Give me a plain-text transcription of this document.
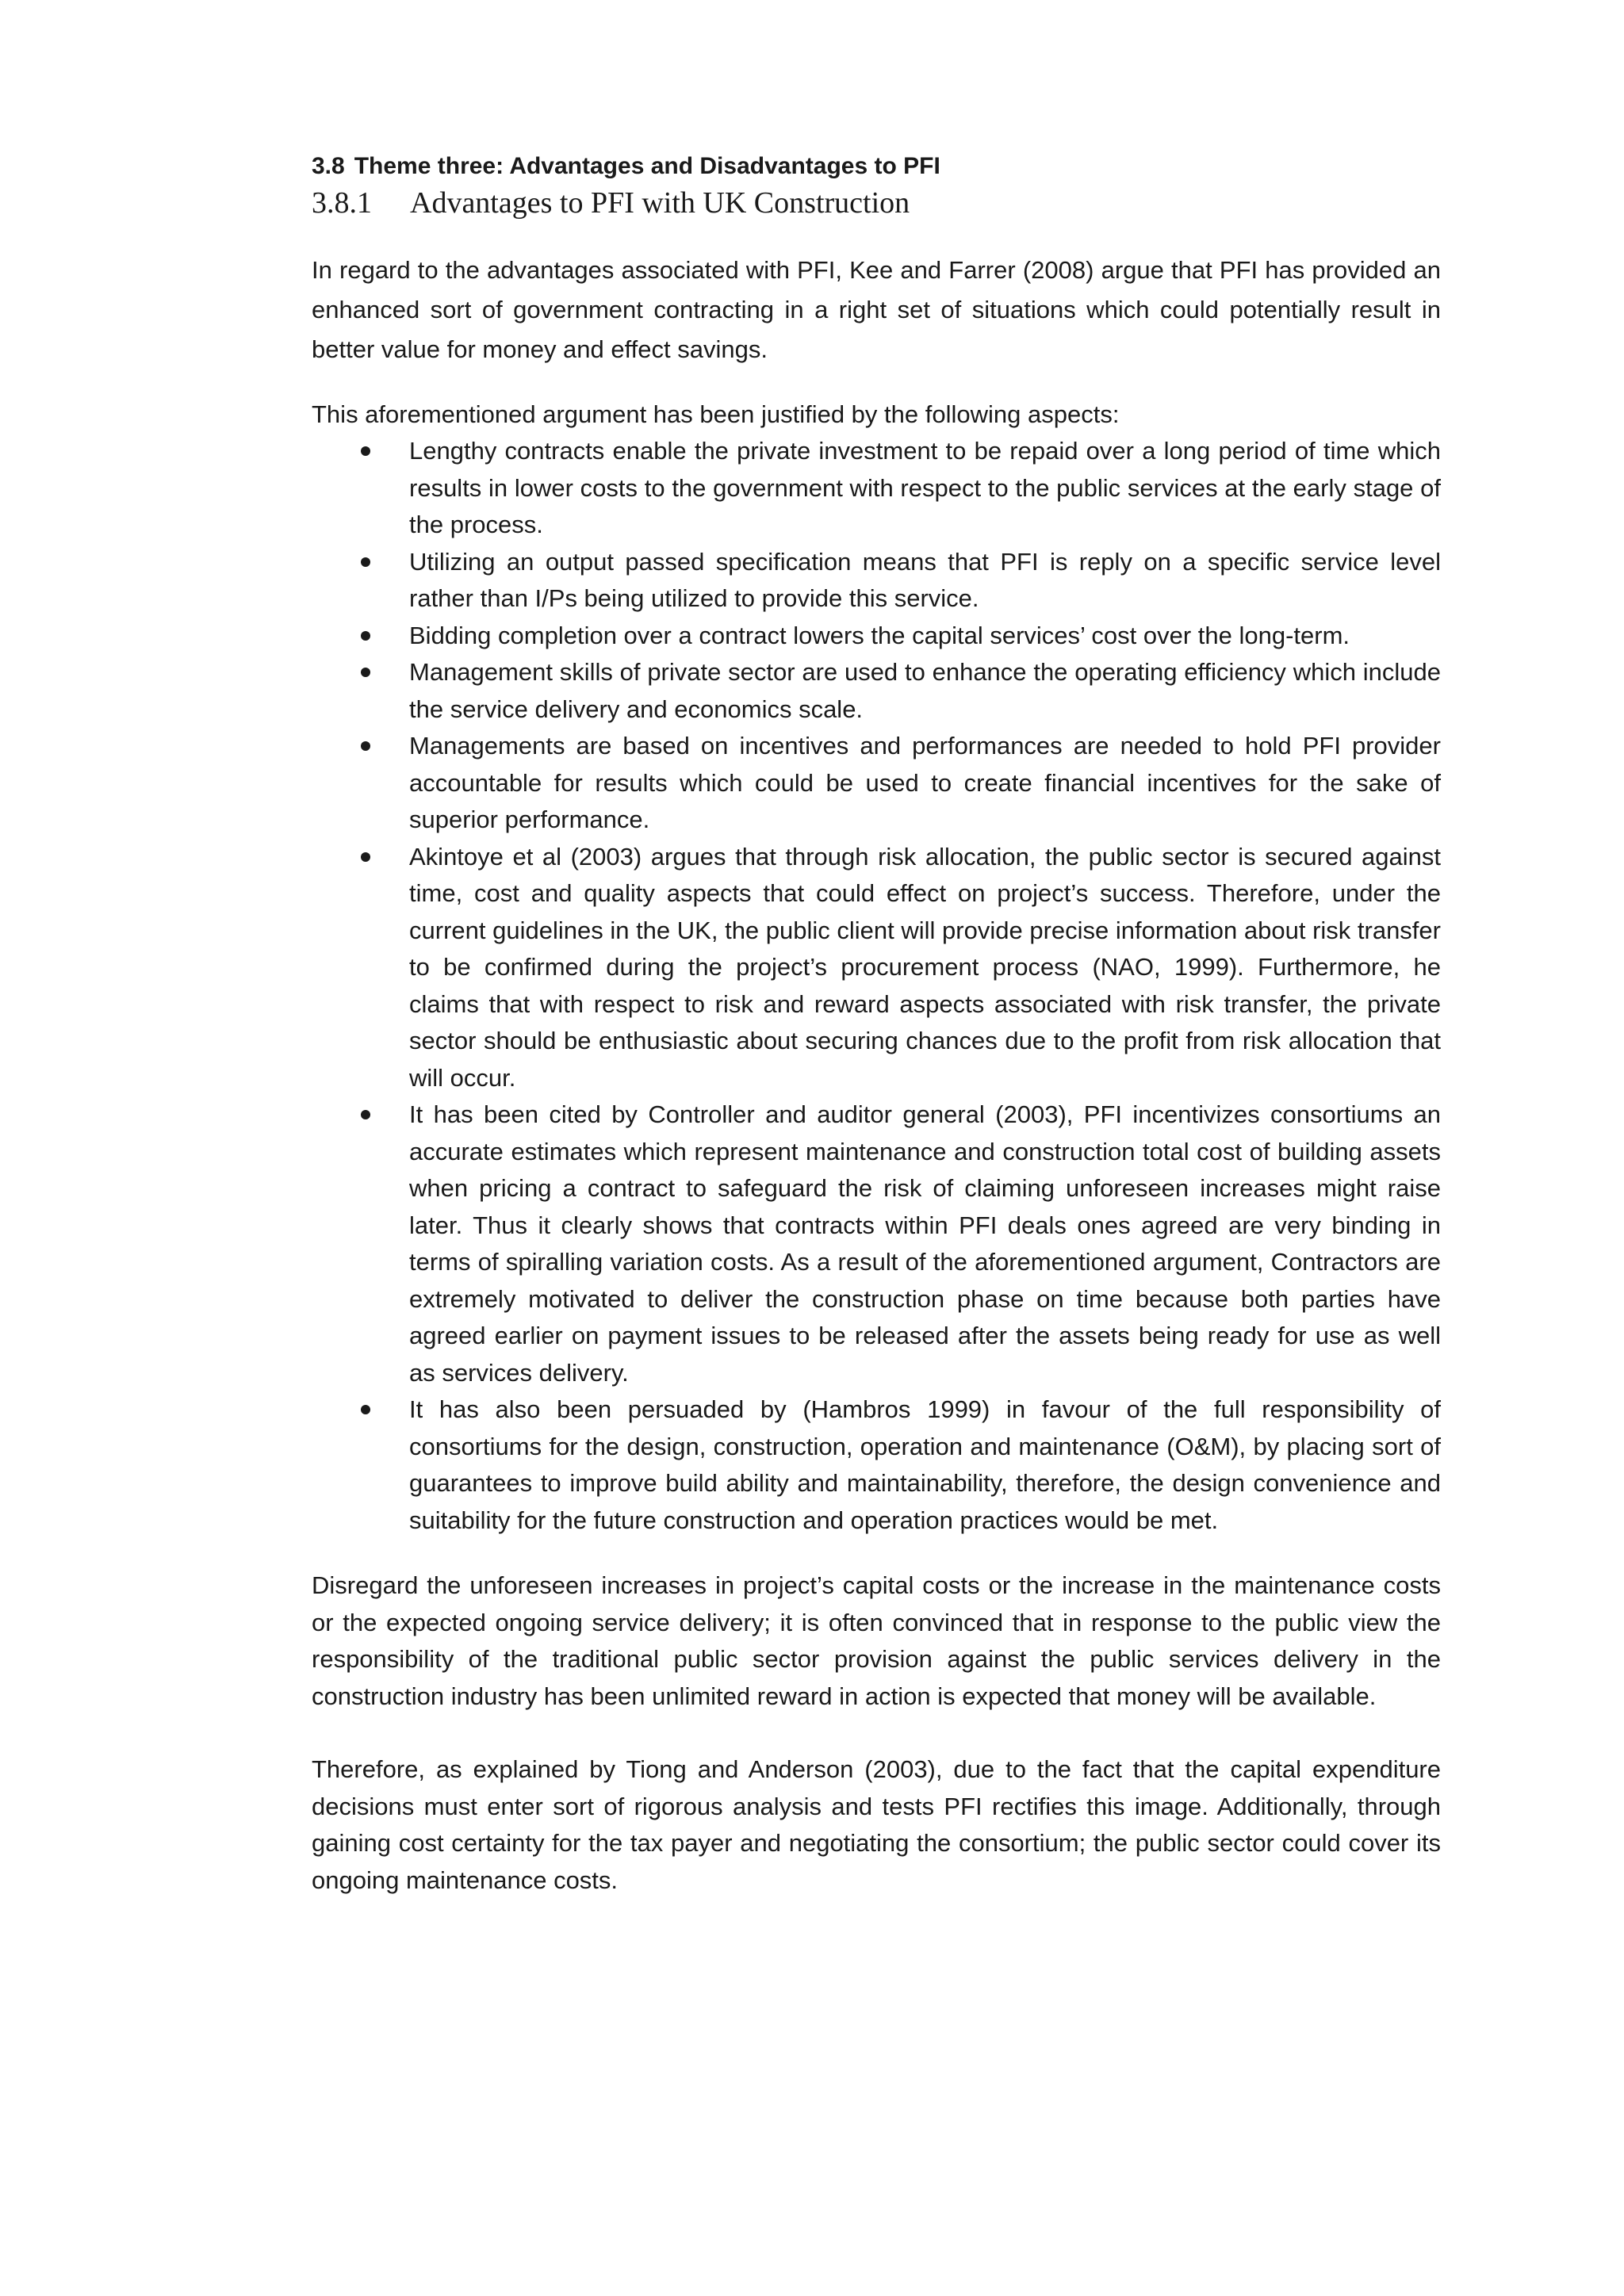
3.8 Theme three: Advantages and Disadvantages to PFI
3.8.1 Advantages to PFI with UK Construction

In regard to the advantages associated with PFI, Kee and Farrer (2008) argue that PFI has provided an enhanced sort of government contracting in a right set of situations which could potentially result in better value for money and effect savings.

This aforementioned argument has been justified by the following aspects:

Lengthy contracts enable the private investment to be repaid over a long period of time which results in lower costs to the government with respect to the public services at the early stage of the process.
Utilizing an output passed specification means that PFI is reply on a specific service level rather than I/Ps being utilized to provide this service.
Bidding completion over a contract lowers the capital services’ cost over the long-term.
Management skills of private sector are used to enhance the operating efficiency which include the service delivery and economics scale.
Managements are based on incentives and performances are needed to hold PFI provider accountable for results which could be used to create financial incentives for the sake of superior performance.
Akintoye et al (2003) argues that through risk allocation, the public sector is secured against time, cost and quality aspects that could effect on project’s success. Therefore, under the current guidelines in the UK, the public client will provide precise information about risk transfer to be confirmed during the project’s procurement process (NAO, 1999). Furthermore, he claims that with respect to risk and reward aspects associated with risk transfer, the private sector should be enthusiastic about securing chances due to the profit from risk allocation that will occur.
It has been cited by Controller and auditor general (2003), PFI incentivizes consortiums an accurate estimates which represent maintenance and construction total cost of building assets when pricing a contract to safeguard the risk of claiming unforeseen increases might raise later. Thus it clearly shows that contracts within PFI deals ones agreed are very binding in terms of spiralling variation costs. As a result of the aforementioned argument, Contractors are extremely motivated to deliver the construction phase on time because both parties have agreed earlier on payment issues to be released after the assets being ready for use as well as services delivery.
It has also been persuaded by (Hambros 1999) in favour of the full responsibility of consortiums for the design, construction, operation and maintenance (O&M), by placing sort of guarantees to improve build ability and maintainability, therefore, the design convenience and suitability for the future construction and operation practices would be met.

Disregard the unforeseen increases in project’s capital costs or the increase in the maintenance costs or the expected ongoing service delivery; it is often convinced that in response to the public view the responsibility of the traditional public sector provision against the public services delivery in the construction industry has been unlimited reward in action is expected that money will be available.

Therefore, as explained by Tiong and Anderson (2003), due to the fact that the capital expenditure decisions must enter sort of rigorous analysis and tests PFI rectifies this image. Additionally, through gaining cost certainty for the tax payer and negotiating the consortium; the public sector could cover its ongoing maintenance costs.
